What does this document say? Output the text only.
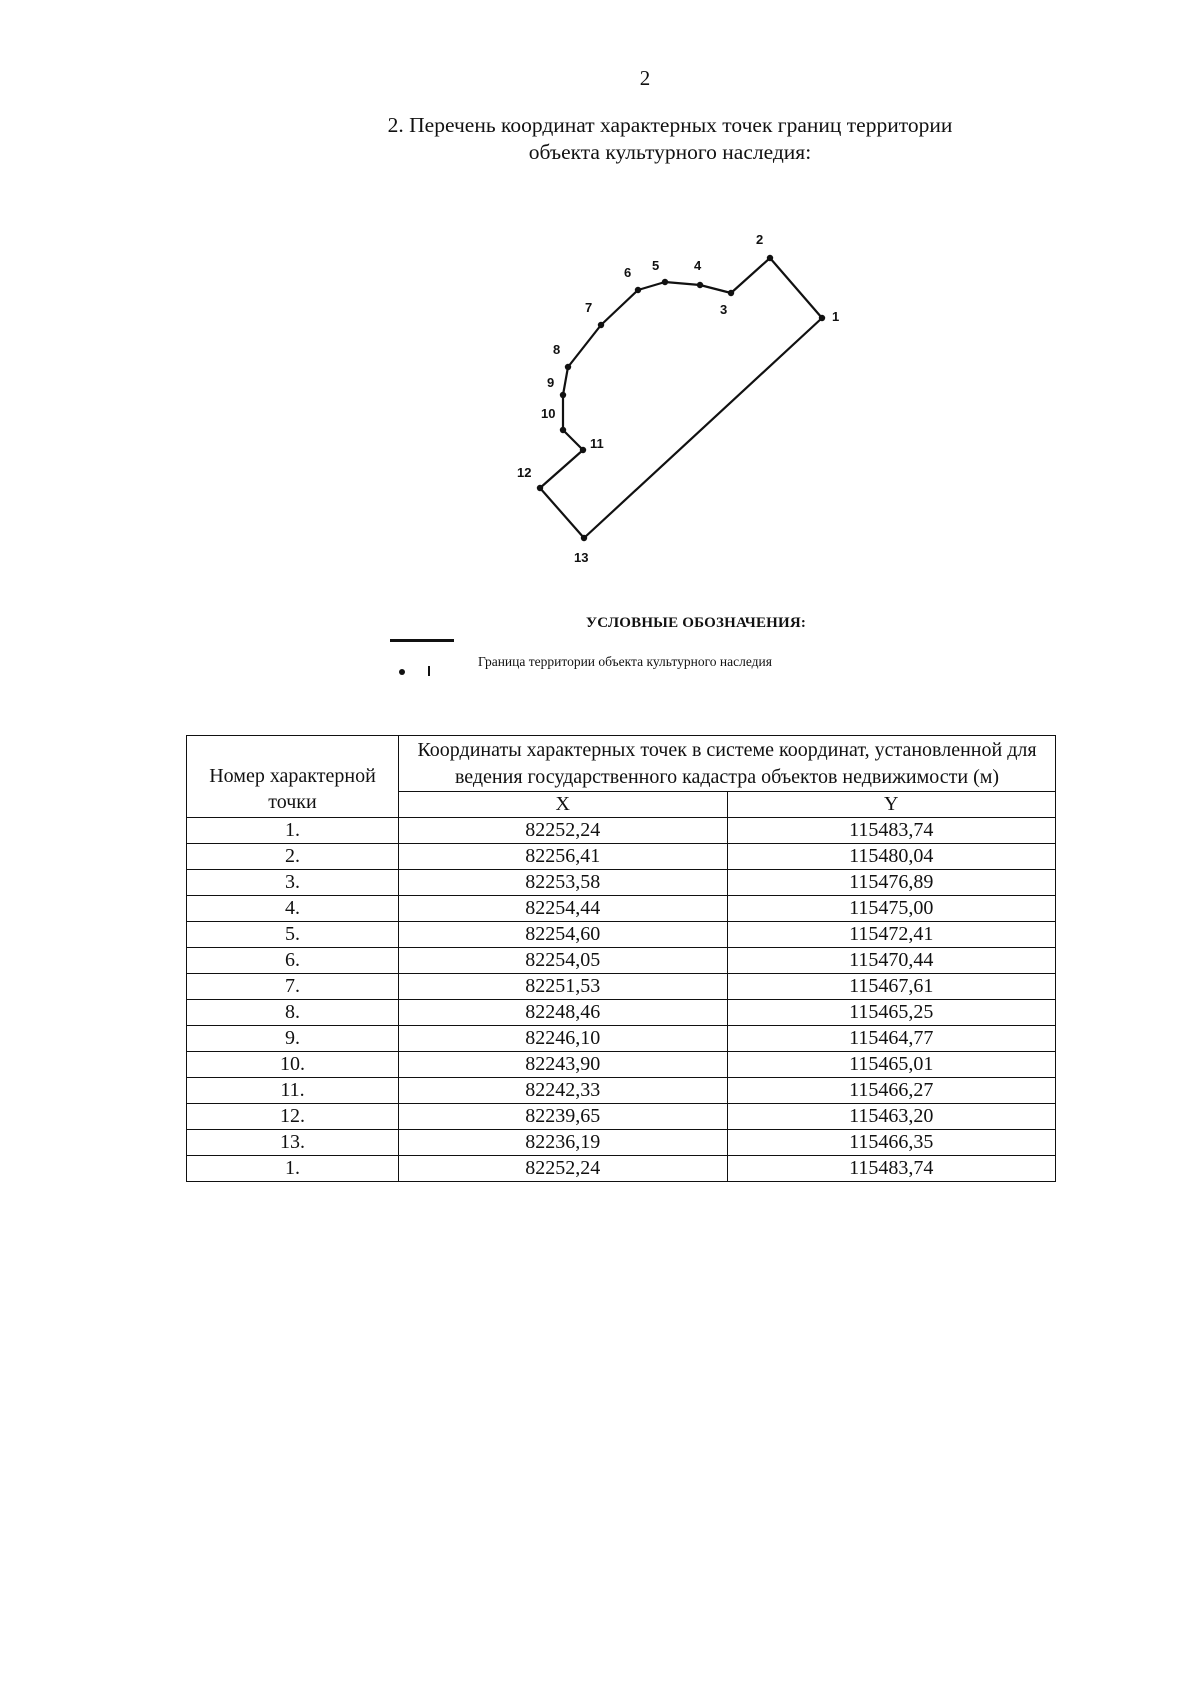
2
2. Перечень координат характерных точек границ территории
объекта культурного наследия:
1
2
3
4
5
6
7
8
9
10
11
12
13
УСЛОВНЫЕ ОБОЗНАЧЕНИЯ:
Граница территории объекта культурного наследия
Номер характерной точки	Координаты характерных точек в системе координат, установленной для ведения государственного кадастра объектов недвижимости (м)	
	X	Y
1.	82252,24	115483,74
2.	82256,41	115480,04
3.	82253,58	115476,89
4.	82254,44	115475,00
5.	82254,60	115472,41
6.	82254,05	115470,44
7.	82251,53	115467,61
8.	82248,46	115465,25
9.	82246,10	115464,77
10.	82243,90	115465,01
11.	82242,33	115466,27
12.	82239,65	115463,20
13.	82236,19	115466,35
1.	82252,24	115483,74
